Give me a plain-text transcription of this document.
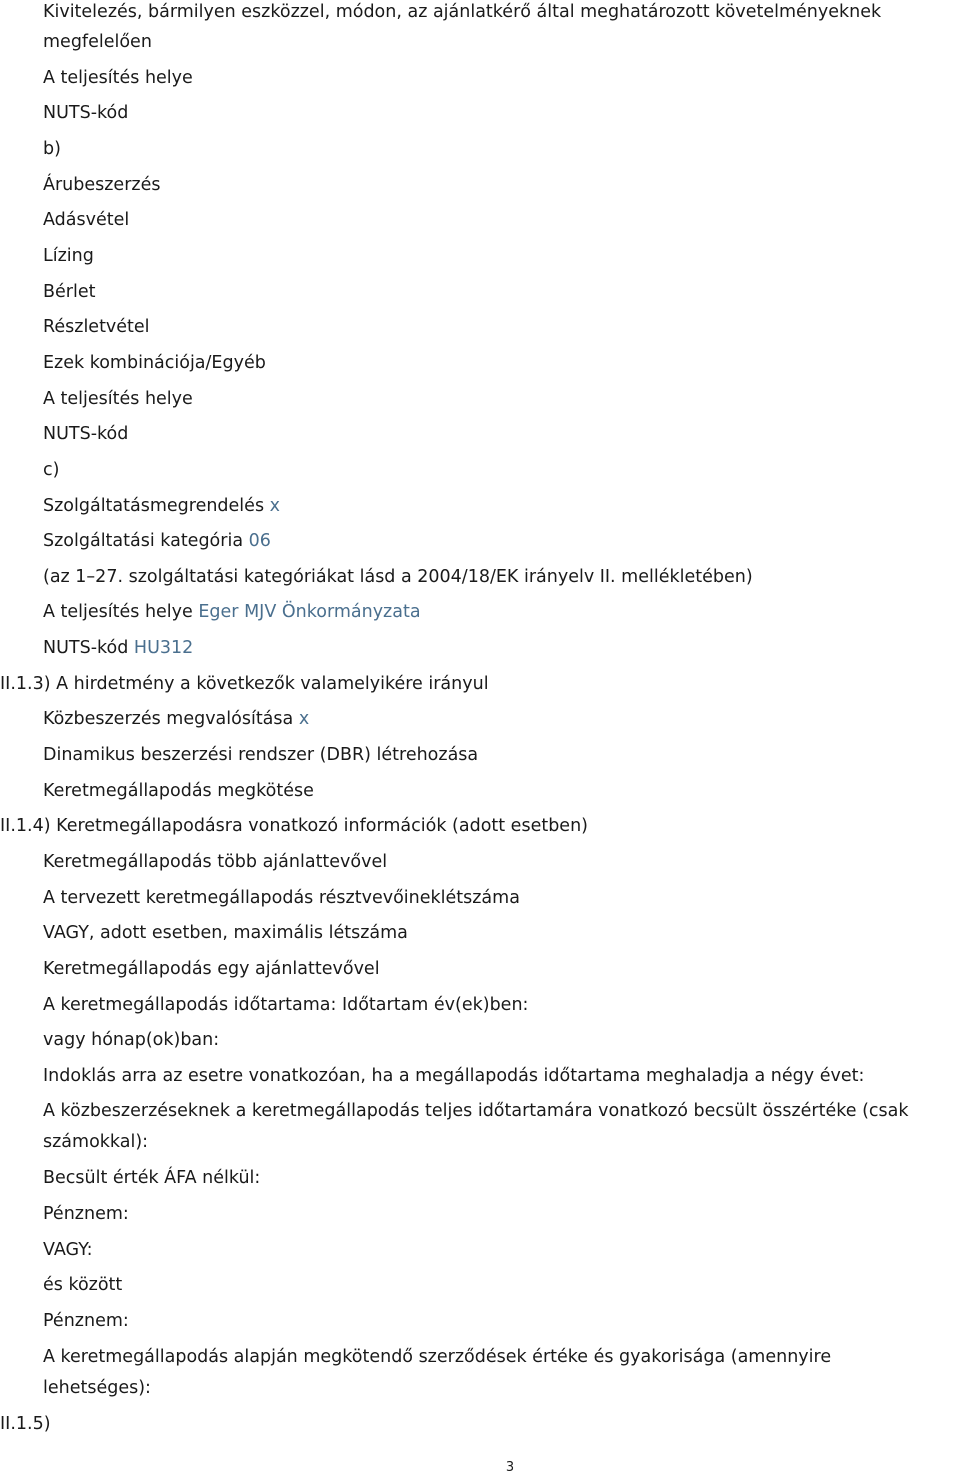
Kivitelezés, bármilyen eszközzel, módon, az ajánlatkérő által meghatározott követelményeknek
megfelelően
A teljesítés helye
NUTS-kód
b)
Árubeszerzés
Adásvétel
Lízing
Bérlet
Részletvétel
Ezek kombinációja/Egyéb
A teljesítés helye
NUTS-kód
c)
Szolgáltatásmegrendelés x
Szolgáltatási kategória 06
(az 1–27. szolgáltatási kategóriákat lásd a 2004/18/EK irányelv II. mellékletében)
A teljesítés helye Eger MJV Önkormányzata
NUTS-kód HU312
II.1.3) A hirdetmény a következők valamelyikére irányul
Közbeszerzés megvalósítása x
Dinamikus beszerzési rendszer (DBR) létrehozása
Keretmegállapodás megkötése
II.1.4) Keretmegállapodásra vonatkozó információk (adott esetben)
Keretmegállapodás több ajánlattevővel
A tervezett keretmegállapodás résztvevőineklétszáma
VAGY, adott esetben, maximális létszáma
Keretmegállapodás egy ajánlattevővel
A keretmegállapodás időtartama: Időtartam év(ek)ben:
vagy hónap(ok)ban:
Indoklás arra az esetre vonatkozóan, ha a megállapodás időtartama meghaladja a négy évet:
A közbeszerzéseknek a keretmegállapodás teljes időtartamára vonatkozó becsült összértéke (csak
számokkal):
Becsült érték ÁFA nélkül:
Pénznem:
VAGY:
és között
Pénznem:
A keretmegállapodás alapján megkötendő szerződések értéke és gyakorisága (amennyire
lehetséges):
II.1.5)
3
